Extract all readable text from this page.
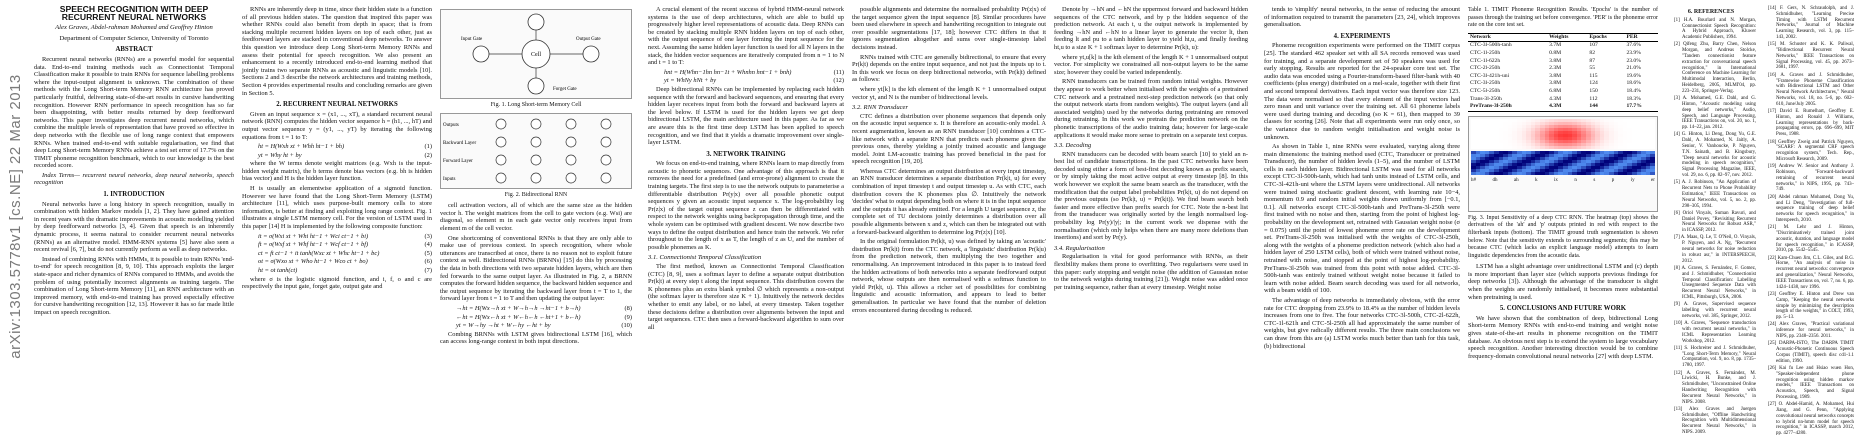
arXiv:1303.5778v1 [cs.NE] 22 Mar 2013
SPEECH RECOGNITION WITH DEEP RECURRENT NEURAL NETWORKS
Alex Graves, Abdel-rahman Mohamed and Geoffrey Hinton
Department of Computer Science, University of Toronto
ABSTRACT

Recurrent neural networks (RNNs) are a powerful model for sequential data. End-to-end training methods such as Connectionist Temporal Classification make it possible to train RNNs for sequence labelling problems where the input-output alignment is unknown. The combination of these methods with the Long Short-term Memory RNN architecture has proved particularly fruitful, delivering state-of-the-art results in cursive handwriting recognition. However RNN performance in speech recognition has so far been disappointing, with better results returned by deep feedforward networks. This paper investigates deep recurrent neural networks, which combine the multiple levels of representation that have proved so effective in deep networks with the flexible use of long range context that empowers RNNs. When trained end-to-end with suitable regularisation, we find that deep Long Short-term Memory RNNs achieve a test set error of 17.7% on the TIMIT phoneme recognition benchmark, which to our knowledge is the best recorded score.

Index Terms— recurrent neural networks, deep neural networks, speech recognition

1. INTRODUCTION

Neural networks have a long history in speech recognition, usually in combination with hidden Markov models [1, 2]. They have gained attention in recent years with the dramatic improvements in acoustic modelling yielded by deep feedforward networks [3, 4]. Given that speech is an inherently dynamic process, it seems natural to consider recurrent neural networks (RNNs) as an alternative model. HMM-RNN systems [5] have also seen a recent revival [6, 7], but do not currently perform as well as deep networks.

Instead of combining RNNs with HMMs, it is possible to train RNNs 'end-to-end' for speech recognition [8, 9, 10]. This approach exploits the larger state-space and richer dynamics of RNNs compared to HMMs, and avoids the problem of using potentially incorrect alignments as training targets. The combination of Long Short-term Memory [11], an RNN architecture with an improved memory, with end-to-end training has proved especially effective for cursive handwriting recognition [12, 13]. However it has so far made little impact on speech recognition.

RNNs are inherently deep in time, since their hidden state is a function of all previous hidden states. The question that inspired this paper was whether RNNs could also benefit from depth in space; that is from stacking multiple recurrent hidden layers on top of each other, just as feedforward layers are stacked in conventional deep networks. To answer this question we introduce deep Long Short-term Memory RNNs and assess their potential for speech recognition. We also present an enhancement to a recently introduced end-to-end learning method that jointly trains two separate RNNs as acoustic and linguistic models [10]. Sections 2 and 3 describe the network architectures and training methods, Section 4 provides experimental results and concluding remarks are given in Section 5.

2. RECURRENT NEURAL NETWORKS

Given an input sequence x = (x1, ..., xT), a standard recurrent neural network (RNN) computes the hidden vector sequence h = (h1, ..., hT) and output vector sequence y = (y1, ..., yT) by iterating the following equations from t = 1 to T:

ht = H(Wxh xt + Whh ht−1 + bh)	(1)
yt = Why ht + by	(2)

where the W terms denote weight matrices (e.g. Wxh is the input-hidden weight matrix), the b terms denote bias vectors (e.g. bh is hidden bias vector) and H is the hidden layer function.

H is usually an elementwise application of a sigmoid function. However we have found that the Long Short-Term Memory (LSTM) architecture [11], which uses purpose-built memory cells to store information, is better at finding and exploiting long range context. Fig. 1 illustrates a single LSTM memory cell. For the version of LSTM used in this paper [14] H is implemented by the following composite function:

it = σ(Wxi xt + Whi ht−1 + Wci ct−1 + bi)	(3)
ft = σ(Wxf xt + Whf ht−1 + Wcf ct−1 + bf)	(4)
ct = ft ct−1 + it tanh(Wxc xt + Whc ht−1 + bc)	(5)
ot = σ(Wxo xt + Who ht−1 + Wco ct + bo)	(6)
ht = ot tanh(ct)	(7)

where σ is the logistic sigmoid function, and i, f, o and c are respectively the input gate, forget gate, output gate and

Cell
Input Gate	Output Gate
Forget Gate
Fig. 1. Long Short-term Memory Cell
Outputs
Backward Layer
Forward Layer
Inputs
Fig. 2. Bidirectional RNN

cell activation vectors, all of which are the same size as the hidden vector h. The weight matrices from the cell to gate vectors (e.g. Wsi) are diagonal, so element m in each gate vector only receives input from element m of the cell vector.

One shortcoming of conventional RNNs is that they are only able to make use of previous context. In speech recognition, where whole utterances are transcribed at once, there is no reason not to exploit future context as well. Bidirectional RNNs (BRNNs) [15] do this by processing the data in both directions with two separate hidden layers, which are then fed forwards to the same output layer. As illustrated in Fig. 2, a BRNN computes the forward hidden sequence, the backward hidden sequence and the output sequence by iterating the backward layer from t = T to 1, the forward layer from t = 1 to T and then updating the output layer:

→ht = H(Wx→h xt + W→h→h →ht−1 + b→h)	(8)
←ht = H(Wx←h xt + W←h←h ←ht+1 + b←h)	(9)
yt = W→hy →ht + W←hy ←ht + by	(10)

Combing BRNNs with LSTM gives bidirectional LSTM [16], which can access long-range context in both input directions.

A crucial element of the recent success of hybrid HMM-neural network systems is the use of deep architectures, which are able to build up progressively higher level representations of acoustic data. Deep RNNs can be created by stacking multiple RNN hidden layers on top of each other, with the output sequence of one layer forming the input sequence for the next. Assuming the same hidden layer function is used for all N layers in the stack, the hidden vector sequences are iteratively computed from n = 1 to N and t = 1 to T:

hnt = H(Whn−1hn hn−1t + Whnhn hnt−1 + bnh)	(11)
yt = WhNy hNt + by	(12)

Deep bidirectional RNNs can be implemented by replacing each hidden sequence with the forward and backward sequences, and ensuring that every hidden layer receives input from both the forward and backward layers at the level below. If LSTM is used for the hidden layers we get deep bidirectional LSTM, the main architecture used in this paper. As far as we are aware this is the first time deep LSTM has been applied to speech recognition, and we find that it yields a dramatic improvement over single-layer LSTM.

3. NETWORK TRAINING

We focus on end-to-end training, where RNNs learn to map directly from acoustic to phonetic sequences. One advantage of this approach is that it removes the need for a predefined (and error-prone) alignment to create the training targets. The first step is to use the network outputs to parameterise a differentiable distribution Pr(y|x) over all possible phonetic output sequences y given an acoustic input sequence x. The log-probability log Pr(z|x) of the target output sequence z can then be differentiated with respect to the network weights using backpropagation through time, and the whole system can be optimised with gradient descent. We now describe two ways to define the output distribution and hence train the network. We refer throughout to the length of x as T, the length of z as U, and the number of possible phonemes as K.

3.1. Connectionist Temporal Classification

The first method, known as Connectionist Temporal Classification (CTC) [8, 9], uses a softmax layer to define a separate output distribution Pr(k|t) at every step t along the input sequence. This distribution covers the K phonemes plus an extra blank symbol ∅ which represents a non-output (the softmax layer is therefore size K + 1). Intuitively the network decides whether to emit any label, or no label, at every timestep. Taken together these decisions define a distribution over alignments between the input and target sequences. CTC then uses a forward-backward algorithm to sum over all

possible alignments and determine the normalised probability Pr(z|x) of the target sequence given the input sequence [8]. Similar procedures have been used elsewhere in speech and handwriting recognition to integrate out over possible segmentations [17, 18]; however CTC differs in that it ignores segmentation altogether and sums over single-timestep label decisions instead.

RNNs trained with CTC are generally bidirectional, to ensure that every Pr(k|t) depends on the entire input sequence, and not just the inputs up to t. In this work we focus on deep bidirectional networks, with Pr(k|t) defined as follows:

where yt[k] is the kth element of the length K + 1 unnormalised output vector yt, and N is the number of bidirectional levels.

3.2. RNN Transducer

CTC defines a distribution over phoneme sequences that depends only on the acoustic input sequence x. It is therefore an acoustic-only model. A recent augmentation, known as an RNN transducer [10] combines a CTC-like network with a separate RNN that predicts each phoneme given the previous ones, thereby yielding a jointly trained acoustic and language model. Joint LM-acoustic training has proved beneficial in the past for speech recognition [19, 20].

Whereas CTC determines an output distribution at every input timestep, an RNN transducer determines a separate distribution Pr(k|t, u) for every combination of input timestep t and output timestep u. As with CTC, each distribution covers the K phonemes plus ∅. Intuitively the network 'decides' what to output depending both on where it is in the input sequence and the outputs it has already emitted. For a length U target sequence z, the complete set of TU decisions jointly determines a distribution over all possible alignments between x and z, which can then be integrated out with a forward-backward algorithm to determine log Pr(z|x) [10].

In the original formulation Pr(k|t, u) was defined by taking an 'acoustic' distribution Pr(k|t) from the CTC network, a 'linguistic' distribution Pr(k|u) from the prediction network, then multiplying the two together and renormalising. An improvement introduced in this paper is to instead feed the hidden activations of both networks into a separate feedforward output network, whose outputs are then normalised with a softmax function to yield Pr(k|t, u). This allows a richer set of possibilities for combining linguistic and acoustic information, and appears to lead to better generalisation. In particular we have found that the number of deletion errors encountered during decoding is reduced.

Denote by →hN and ←hN the uppermost forward and backward hidden sequences of the CTC network, and by p the hidden sequence of the prediction network. At each t, u the output network is implemented by feeding →hN and ←hN to a linear layer to generate the vector lt, then feeding lt and pu to a tanh hidden layer to yield ht,u, and finally feeding ht,u to a size K + 1 softmax layer to determine Pr(k|t, u):

where yt,u[k] is the kth element of the length K + 1 unnormalised output vector. For simplicity we constrained all non-output layers to be the same size; however they could be varied independently.

RNN transducers can be trained from random initial weights. However they appear to work better when initialised with the weights of a pretrained CTC network and a pretrained next-step prediction network (so that only the output network starts from random weights). The output layers (and all associated weights) used by the networks during pretraining are removed during retraining. In this work we pretrain the prediction network on the phonetic transcriptions of the audio training data; however for large-scale applications it would make more sense to pretrain on a separate text corpus.

3.3. Decoding

RNN transducers can be decoded with beam search [10] to yield an n-best list of candidate transcriptions. In the past CTC networks have been decoded using either a form of best-first decoding known as prefix search, or by simply taking the most active output at every timestep [8]. In this work however we exploit the same beam search as the transducer, with the modification that the output label probabilities Pr(k|t, u) do not depend on the previous outputs (so Pr(k|t, u) = Pr(k|t)). We find beam search both faster and more effective than prefix search for CTC. Note the n-best list from the transducer was originally sorted by the length normalised log-probability log Pr(y)/|y|; in the current work we dispense with the normalisation (which only helps when there are many more deletions than insertions) and sort by Pr(y).

3.4. Regularisation

Regularisation is vital for good performance with RNNs, as their flexibility makes them prone to overfitting. Two regularisers were used in this paper: early stopping and weight noise (the addition of Gaussian noise to the network weights during training [21]). Weight noise was added once per training sequence, rather than at every timestep. Weight noise

tends to 'simplify' neural networks, in the sense of reducing the amount of information required to transmit the parameters [23, 24], which improves generalisation.

4. EXPERIMENTS

Phoneme recognition experiments were performed on the TIMIT corpus [25]. The standard 462 speaker set with all SA records removed was used for training, and a separate development set of 50 speakers was used for early stopping. Results are reported for the 24-speaker core test set. The audio data was encoded using a Fourier-transform-based filter-bank with 40 coefficients (plus energy) distributed on a mel-scale, together with their first and second temporal derivatives. Each input vector was therefore size 123. The data were normalised so that every element of the input vectors had zero mean and unit variance over the training set. All 61 phoneme labels were used during training and decoding (so K = 61), then mapped to 39 classes for scoring [26]. Note that all experiments were run only once, so the variance due to random weight initialisation and weight noise is unknown.

As shown in Table 1, nine RNNs were evaluated, varying along three main dimensions: the training method used (CTC, Transducer or pretrained Transducer), the number of hidden levels (1–5), and the number of LSTM cells in each hidden layer. Bidirectional LSTM was used for all networks except CTC-3l-500h-tanh, which had tanh units instead of LSTM cells, and CTC-3l-421h-uni where the LSTM layers were unidirectional. All networks were trained using stochastic gradient descent, with learning rate 10−4, momentum 0.9 and random initial weights drawn uniformly from [−0.1, 0.1]. All networks except CTC-3l-500h-tanh and PreTrans-3l-250h were first trained with no noise and then, starting from the point of highest log-probability on the development set, retrained with Gaussian weight noise (σ = 0.075) until the point of lowest phoneme error rate on the development set. PreTrans-3l-250h was initialised with the weights of CTC-3l-250h, along with the weights of a phoneme prediction network (which also had a hidden layer of 250 LSTM cells), both of which were trained without noise, retrained with noise, and stopped at the point of highest log-probability. PreTrans-3l-250h was trained from this point with noise added. CTC-3l-500h-tanh was entirely trained without weight noise because it failed to learn with noise added. Beam search decoding was used for all networks, with a beam width of 100.

The advantage of deep networks is immediately obvious, with the error rate for CTC dropping from 23.9% to 18.4% as the number of hidden levels increases from one to five. The four networks CTC-3l-500h, CTC-2l-622h, CTC-1l-621h and CTC-5l-250h all had approximately the same number of weights, but give radically different results. The three main conclusions we can draw from this are (a) LSTM works much better than tanh for this task, (b) bidirectional

Table 1. TIMIT Phoneme Recognition Results. 'Epochs' is the number of passes through the training set before convergence. 'PER' is the phoneme error rate on the core test set.
Network	Weights	Epochs	PER
CTC-3l-500h-tanh	3.7M	107	37.6%
CTC-1l-250h	0.8M	82	23.9%
CTC-1l-622h	3.8M	87	23.0%
CTC-2l-250h	2.3M	55	21.0%
CTC-3l-421h-uni	3.8M	115	19.6%
CTC-3l-250h	3.8M	124	18.6%
CTC-5l-250h	6.8M	150	18.4%
Trans-3l-250h	4.3M	112	18.3%
PreTrans-3l-250h	4.3M	144	17.7%
h#	dh	ah	k	ix	n	s	p	iy	er
Fig. 3. Input Sensitivity of a deep CTC RNN. The heatmap (top) shows the derivatives of the 'ah' and 'p' outputs printed in red with respect to the filterbank inputs (bottom). The TIMIT ground truth segmentation is shown below. Note that the sensitivity extends to surrounding segments; this may be because CTC (which lacks an explicit language model) attempts to learn linguistic dependencies from the acoustic data.

LSTM has a slight advantage over unidirectional LSTM and (c) depth is more important than layer size (which supports previous findings for deep networks [3]). Although the advantage of the transducer is slight when the weights are randomly initialised, it becomes more substantial when pretraining is used.

5. CONCLUSIONS AND FUTURE WORK

We have shown that the combination of deep, bidirectional Long Short-term Memory RNNs with end-to-end training and weight noise gives state-of-the-art results in phoneme recognition on the TIMIT database. An obvious next step is to extend the system to large vocabulary speech recognition. Another interesting direction would be to combine frequency-domain convolutional neural networks [27] with deep LSTM.

6. REFERENCES
[1] H.A. Bourlard and N. Morgan, Connnectionist Speech Recognition: A Hybrid Approach, Kluwer Academic Publishers, 1994.
[2] Qifeng Zhu, Barry Chen, Nelson Morgan, and Andreas Stolcke, "Tandem connectionist feature extraction for conversational speech recognition," in International Conference on Machine Learning for Multimodal Interaction, Berlin, Heidelberg, 2005, MLMI'04, pp. 223–231, Springer-Verlag.
[3] A. Mohamed, G.E. Dahl, and G. Hinton, "Acoustic modeling using deep belief networks," Audio, Speech, and Language Processing, IEEE Transactions on, vol. 20, no. 1, pp. 14–22, jan. 2012.
[4] G. Hinton, Li Deng, Dong Yu, G.E. Dahl, A. Mohamed, N. Jaitly, A. Senior, V. Vanhoucke, P. Nguyen, T.N. Sainath, and B. Kingsbury, "Deep neural networks for acoustic modeling in speech recognition," Signal Processing Magazine, IEEE, vol. 29, no. 6, pp. 82–97, nov. 2012.
[5] A. J. Robinson, "An Application of Recurrent Nets to Phone Probability Estimation," IEEE Transactions on Neural Networks, vol. 5, no. 2, pp. 298–305, 1994.
[6] Oriol Vinyals, Suman Ravuri, and Daniel Povey, "Revisiting Recurrent Neural Networks for Robust ASR," in ICASSP, 2012.
[7] A. Maas, Q. Le, T. O'Neil, O. Vinyals, P. Nguyen, and A. Ng, "Recurrent neural networks for noise reduction in robust asr," in INTERSPEECH, 2012.
[8] A. Graves, S. Fernández, F. Gomez, and J. Schmidhuber, "Connectionist Temporal Classification: Labelling Unsegmented Sequence Data with Recurrent Neural Networks," in ICML, Pittsburgh, USA, 2006.
[9] A. Graves, Supervised sequence labelling with recurrent neural networks, vol. 385, Springer, 2012.
[10] A. Graves, "Sequence transduction with recurrent neural networks," in ICML Representation Learning Workshop, 2012.
[11] S. Hochreiter and J. Schmidhuber, "Long Short-Term Memory," Neural Computation, vol. 9, no. 8, pp. 1735–1780, 1997.
[12] A. Graves, S. Fernández, M. Liwicki, H. Bunke, and J. Schmidhuber, "Unconstrained Online Handwriting Recognition with Recurrent Neural Networks," in NIPS. 2008.
[13] Alex Graves and Juergen Schmidhuber, "Offline Handwriting Recognition with Multidimensional Recurrent Neural Networks," in NIPS. 2009.
[14] F. Gers, N. Schraudolph, and J. Schmidhuber, "Learning Precise Timing with LSTM Recurrent Networks," Journal of Machine Learning Research, vol. 3, pp. 115–143, 2002.
[15] M. Schuster and K. K. Paliwal, "Bidirectional Recurrent Neural Networks," IEEE Transactions on Signal Processing, vol. 45, pp. 2673–2681, 1997.
[16] A. Graves and J. Schmidhuber, "Framewise Phoneme Classification with Bidirectional LSTM and Other Neural Network Architectures," Neural Networks, vol. 18, no. 5-6, pp. 602–610, June/July 2005.
[17] David E. Rumelhart, Geoffrey E. Hinton, and Ronald J. Williams, Learning representations by back-propagating errors, pp. 696–699, MIT Press, 1988.
[18] Geoffrey Zweig and Patrick Nguyen, "SCARF: A segmental CRF speech recognition system," Tech. Rep., Microsoft Research, 2009.
[19] Andrew W. Senior and Anthony J. Robinson, "Forward-backward retraining of recurrent neural networks," in NIPS, 1995, pp. 743–749.
[20] Abdel rahman Mohamed, Dong Yu, and Li Deng, "Investigation of full-sequence training of deep belief networks for speech recognition," in Interspeech, 2010.
[21] M. Lehr and J. Hinton, "Discriminatively trained joint acoustic, duration, and language model for speech recognition," in ICASSP, 2010, pp. 5542–5545.
[22] Kam-Chuen Jim, C.L. Giles, and B.G. Horne, "An analysis of noise in recurrent neural networks: convergence and generalization," Neural Networks, IEEE Transactions on, vol. 7, no. 6, pp. 1424–1438, nov 1996.
[23] Geoffrey E. Hinton and Drew van Camp, "Keeping the neural networks simple by minimizing the description length of the weights," in COLT, 1993, pp. 5–13.
[24] Alex Graves, "Practical variational inference for neural networks," in NIPS, pp. 2348–2356. 2011.
[25] DARPA-ISTO, The DARPA TIMIT Acoustic-Phonetic Continuous Speech Corpus (TIMIT), speech disc cd1-1.1 edition, 1990.
[26] Kai fu Lee and Hsiao wuen Hon, "Speaker-independent phone recognition using hidden markov models," IEEE Transactions on Acoustics, Speech, and Signal Processing, 1989.
[27] O. Abdel-Hamid, A. Mohamed, Hui Jiang, and G. Penn, "Applying convolutional neural networks concepts to hybrid nn-hmm model for speech recognition," in ICASSP, march 2012, pp. 4277–4280.
